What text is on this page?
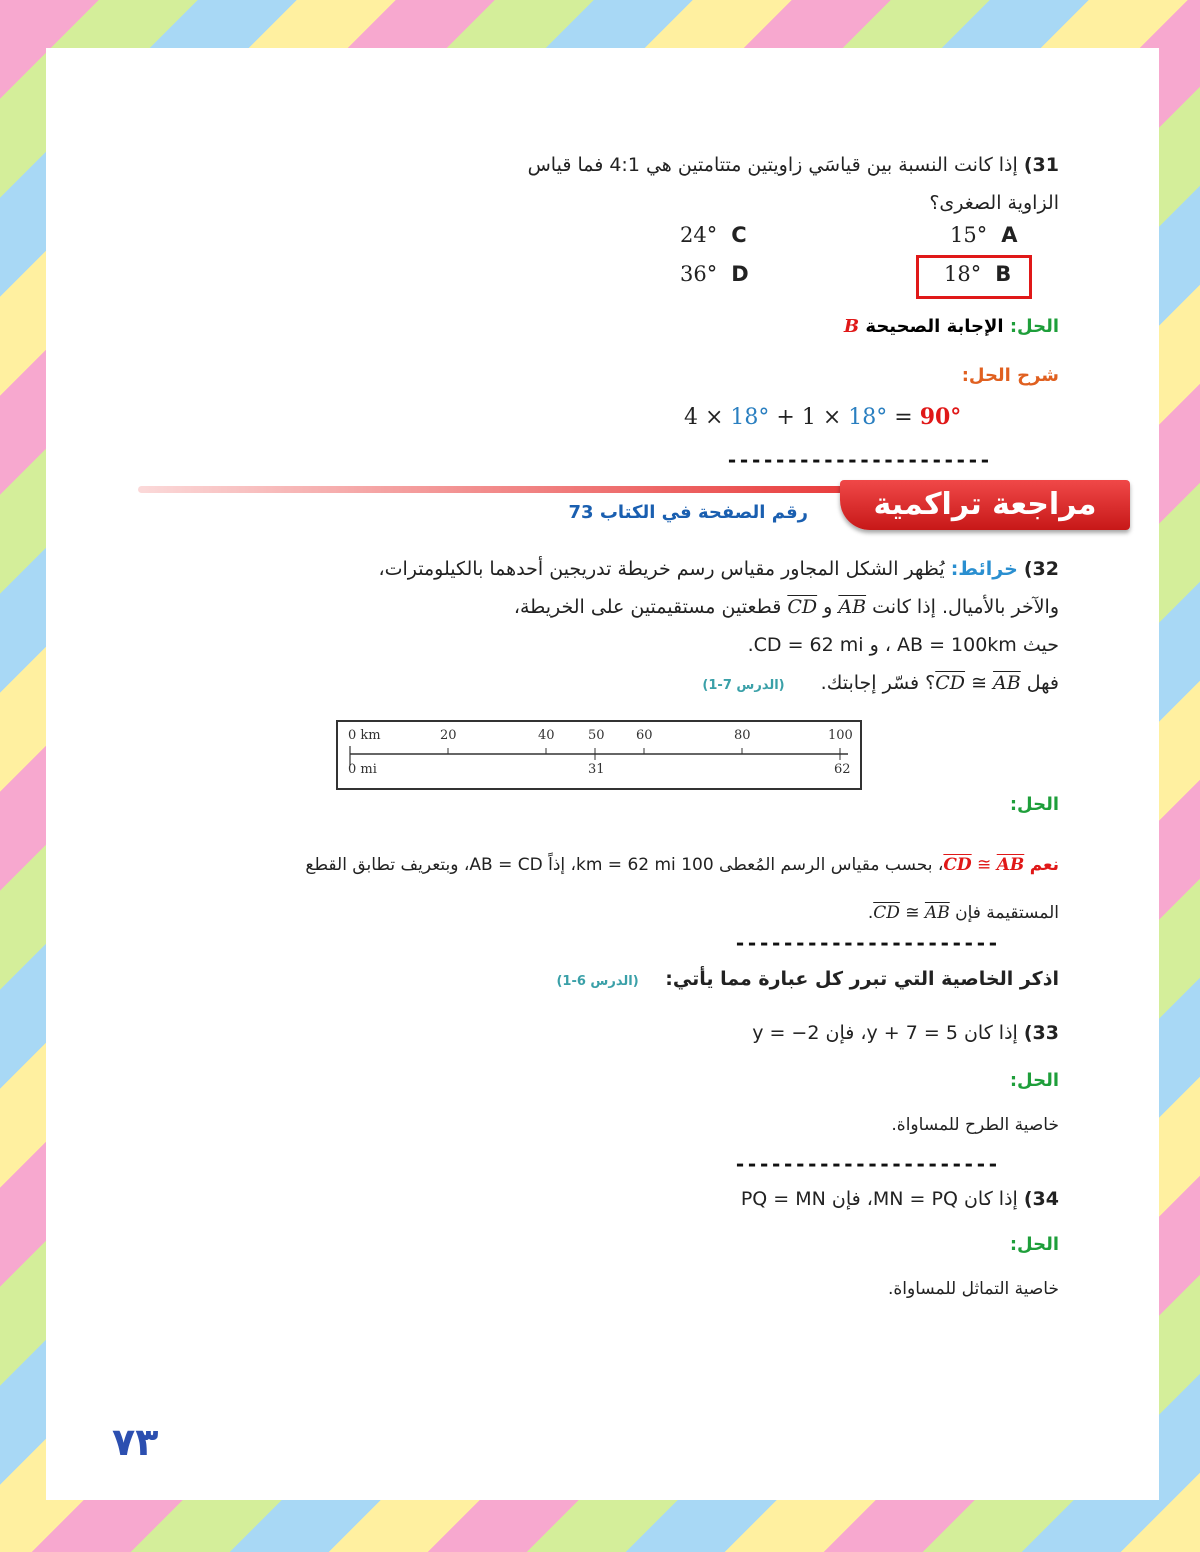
31) إذا كانت النسبة بين قياسَي زاويتين متتامتين هي 4:1 فما قياس
الزاوية الصغرى؟
15° A
24° C
18° B
36° D
الحل: الإجابة الصحيحة B
شرح الحل:
4 × 18° + 1 × 18° = 90°
----------------------
مراجعة تراكمية
رقم الصفحة في الكتاب 73
32) خرائط: يُظهر الشكل المجاور مقياس رسم خريطة تدريجين أحدهما بالكيلومترات،
والآخر بالأميال. إذا كانت AB و CD قطعتين مستقيمتين على الخريطة،
حيث AB = 100km ، و CD = 62 mi.
فهل CD ≅ AB؟ فسّر إجابتك. (الدرس 7-1)
0 km	20	40	50 60	80	100
0 mi	31	62
الحل:
نعم CD ≅ AB، بحسب مقياس الرسم المُعطى 100 km = 62 mi، إذاً AB = CD، وبتعريف تطابق القطع
المستقيمة فإن CD ≅ AB.
----------------------
اذكر الخاصية التي تبرر كل عبارة مما يأتي: (الدرس 6-1)
33) إذا كان y + 7 = 5، فإن y = −2
الحل:
خاصية الطرح للمساواة.
----------------------
34) إذا كان MN = PQ، فإن PQ = MN
الحل:
خاصية التماثل للمساواة.
٧٣
